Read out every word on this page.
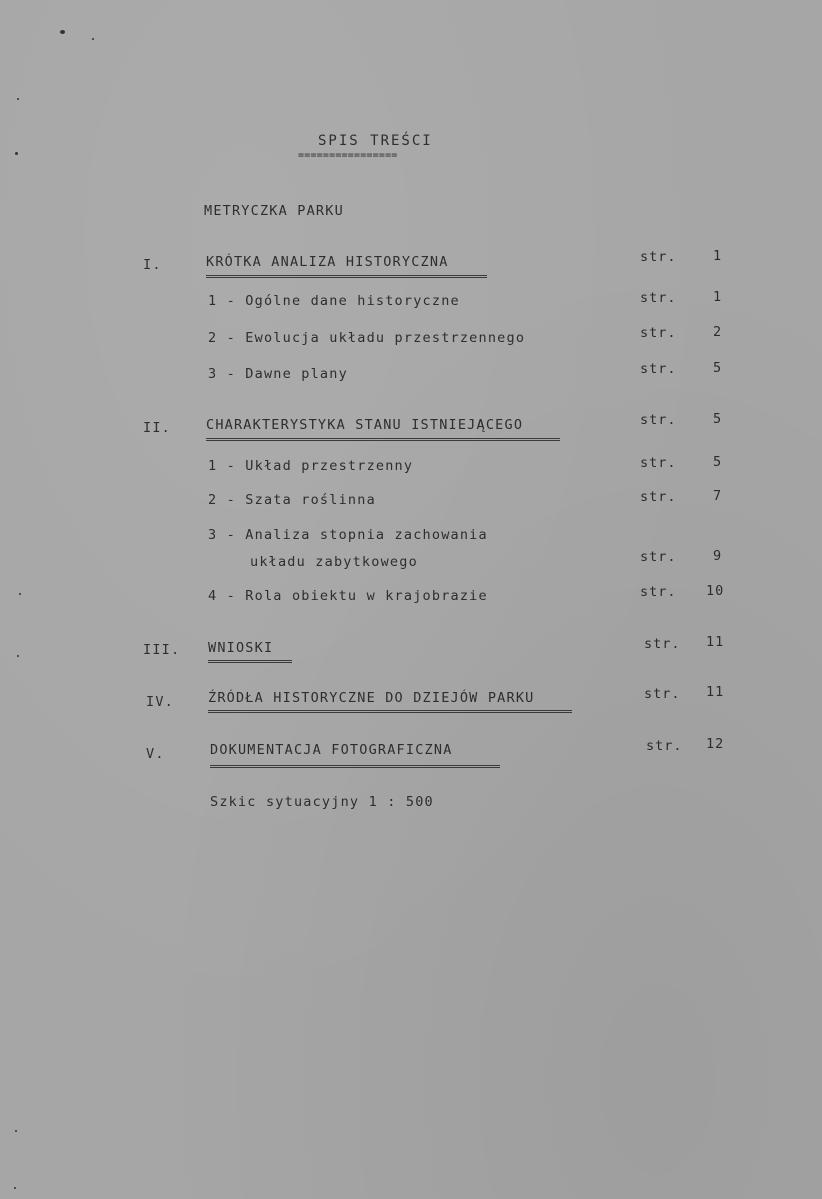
SPIS TREŚCI
================
METRYCZKA PARKU
I.	KRÓTKA ANALIZA HISTORYCZNA	str.	1
1 - Ogólne dane historyczne	str.	1
2 - Ewolucja układu przestrzennego	str.	2
3 - Dawne plany	str.	5
II.	CHARAKTERYSTYKA STANU ISTNIEJĄCEGO	str.	5
1 - Układ przestrzenny	str.	5
2 - Szata roślinna	str.	7
3 - Analiza stopnia zachowania
układu zabytkowego	str.	9
4 - Rola obiektu w krajobrazie	str. 10
III. WNIOSKI	str. 11
IV.	ŹRÓDŁA HISTORYCZNE DO DZIEJÓW PARKU	str. 11
V.	DOKUMENTACJA FOTOGRAFICZNA	str. 12
Szkic sytuacyjny 1 : 500
